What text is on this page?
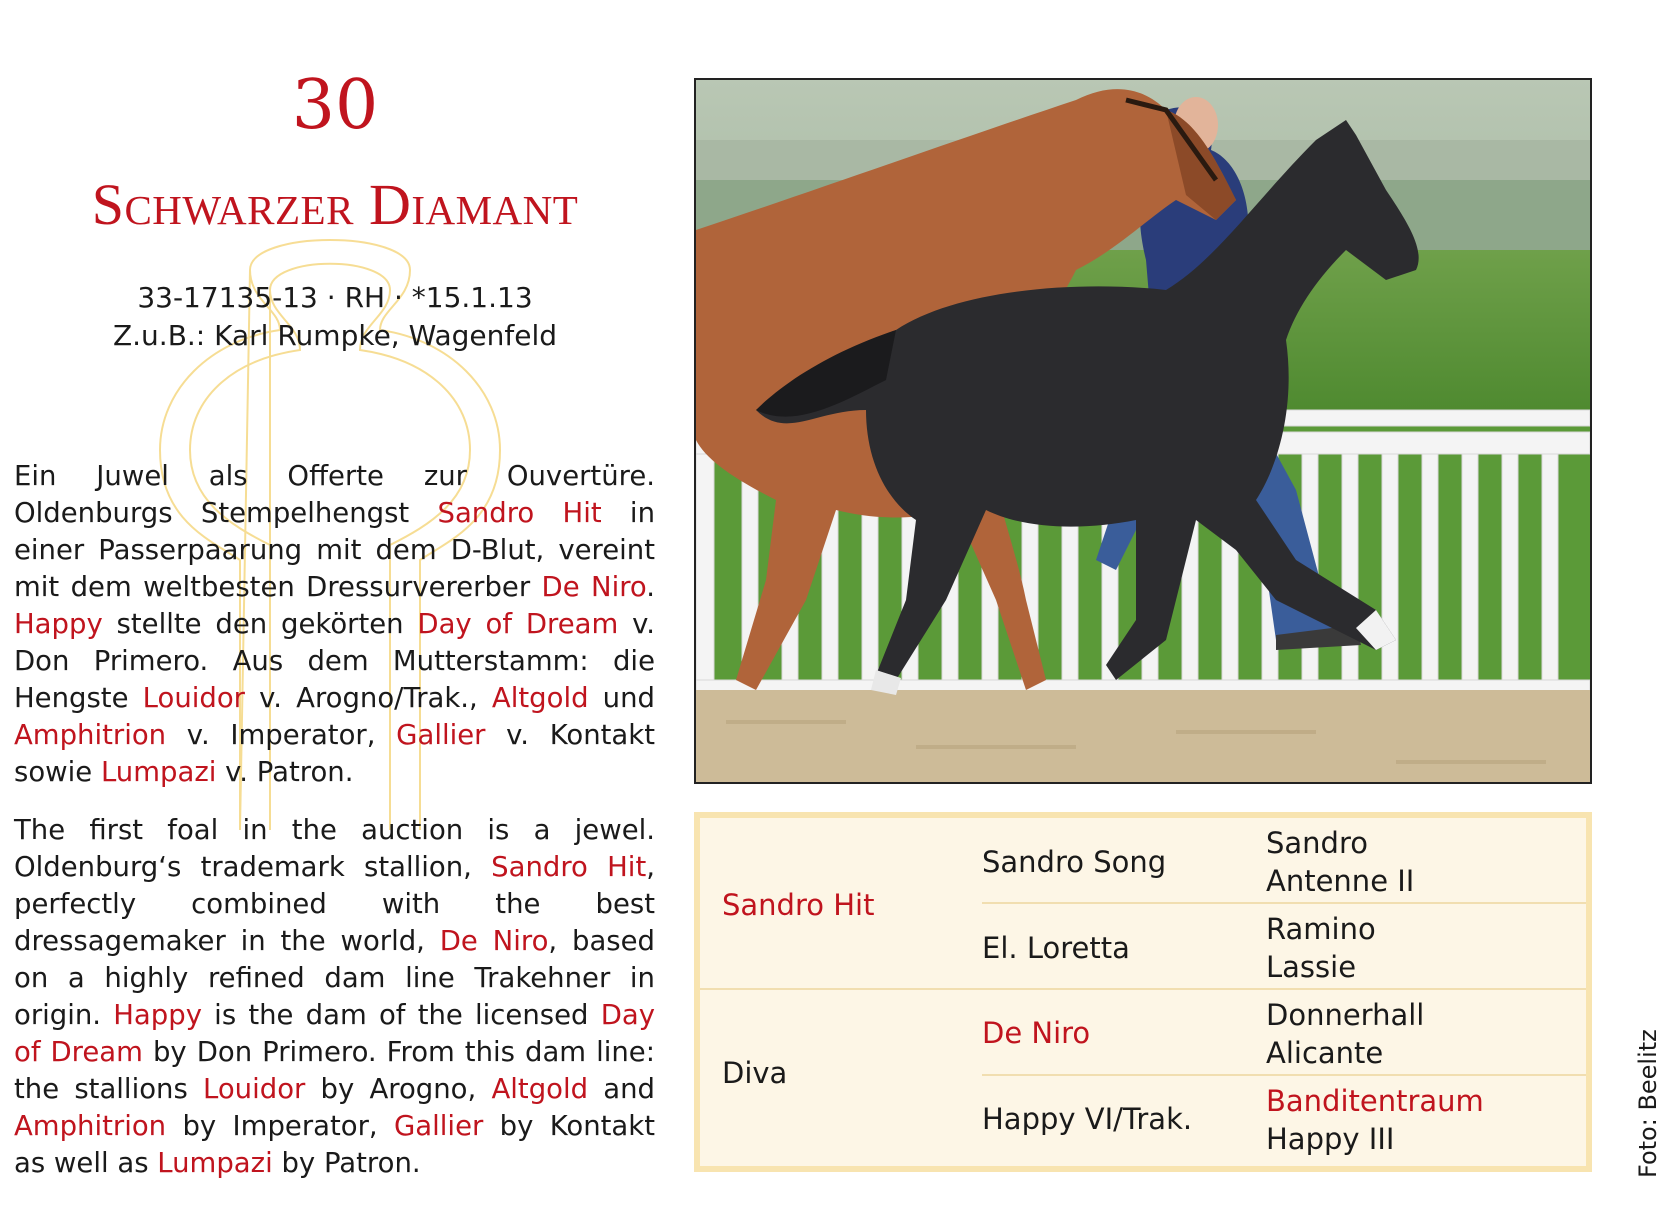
30
Schwarzer Diamant
33-17135-13 · RH · *15.1.13
Z.u.B.: Karl Rumpke, Wagenfeld

Ein Juwel als Offerte zur Ouvertüre. Oldenburgs Stempelhengst Sandro Hit in einer Passerpaarung mit dem D-Blut, vereint mit dem weltbesten Dressurvererber De Niro. Happy stellte den gekörten Day of Dream v. Don Primero. Aus dem Mutterstamm: die Hengste Louidor v. Arogno/Trak., Altgold und Amphitrion v. Imperator, Gallier v. Kontakt sowie Lumpazi v. Patron.

The first foal in the auction is a jewel. Oldenburg‘s trademark stallion, Sandro Hit, perfectly combined with the best dressagemaker in the world, De Niro, based on a highly refined dam line Trakehner in origin. Happy is the dam of the licensed Day of Dream by Don Primero. From this dam line: the stallions Louidor by Arogno, Altgold and Amphitrion by Imperator, Gallier by Kontakt as well as Lumpazi by Patron.

Sandro Hit
Diva
Sandro Song
El. Loretta
De Niro
Happy VI/Trak.
Sandro
Antenne II
Ramino
Lassie
Donnerhall
Alicante
Banditentraum
Happy III	Foto: Beelitz
